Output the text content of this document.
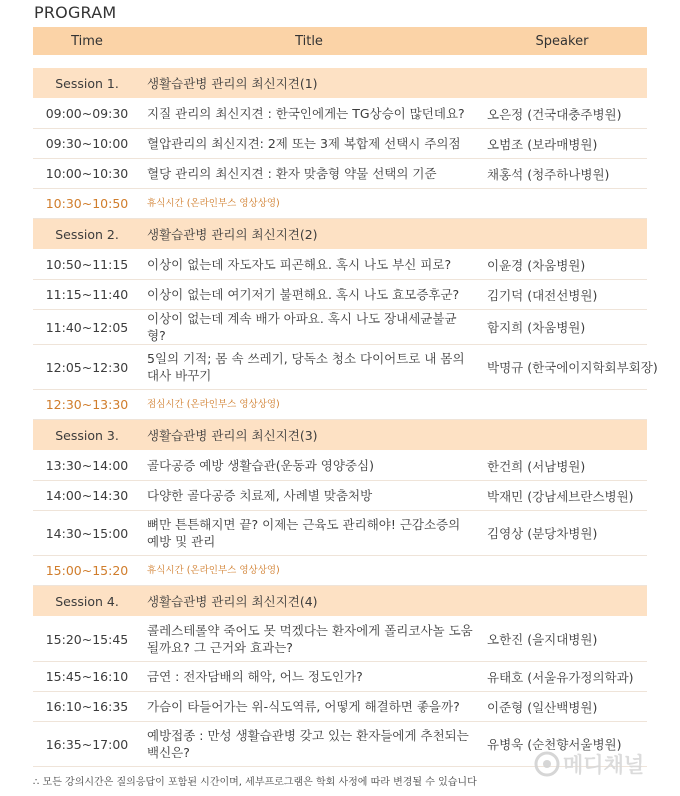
PROGRAM
Time	Title	Speaker

Session 1.	생활습관병 관리의 최신지견(1)	
09:00~09:30	지질 관리의 최신지견 : 한국인에게는 TG상승이 많던데요?	오은정 (건국대충주병원)
09:30~10:00	혈압관리의 최신지견: 2제 또는 3제 복합제 선택시 주의점	오범조 (보라매병원)
10:00~10:30	혈당 관리의 최신지견 : 환자 맞춤형 약물 선택의 기준	채홍석 (청주하나병원)
10:30~10:50	휴식시간 (온라인부스 영상상영)	
Session 2.	생활습관병 관리의 최신지견(2)	
10:50~11:15	이상이 없는데 자도자도 피곤해요. 혹시 나도 부신 피로?	이윤경 (차움병원)
11:15~11:40	이상이 없는데 여기저기 불편해요. 혹시 나도 효모증후군?	김기덕 (대전선병원)
11:40~12:05	이상이 없는데 계속 배가 아파요. 혹시 나도 장내세균불균형?	함지희 (차움병원)
12:05~12:30	5일의 기적; 몸 속 쓰레기, 당독소 청소 다이어트로 내 몸의 대사 바꾸기	박명규 (한국에이지학회부회장)
12:30~13:30	점심시간 (온라인부스 영상상영)	
Session 3.	생활습관병 관리의 최신지견(3)	
13:30~14:00	골다공증 예방 생활습관(운동과 영양중심)	한건희 (서남병원)
14:00~14:30	다양한 골다공증 치료제, 사례별 맞춤처방	박재민 (강남세브란스병원)
14:30~15:00	뼈만 튼튼해지면 끝? 이제는 근육도 관리해야! 근감소증의 예방 및 관리	김영상 (분당차병원)
15:00~15:20	휴식시간 (온라인부스 영상상영)	
Session 4.	생활습관병 관리의 최신지견(4)	
15:20~15:45	콜레스테롤약 죽어도 못 먹겠다는 환자에게 폴리코사놀 도움 될까요? 그 근거와 효과는?	오한진 (을지대병원)
15:45~16:10	금연 : 전자담배의 해악, 어느 정도인가?	유태호 (서울유가정의학과)
16:10~16:35	가슴이 타들어가는 위-식도역류, 어떻게 해결하면 좋을까?	이준형 (일산백병원)
16:35~17:00	예방접종 : 만성 생활습관병 갖고 있는 환자들에게 추천되는 백신은?	유병욱 (순천향서울병원)
∴ 모든 강의시간은 질의응답이 포함된 시간이며, 세부프로그램은 학회 사정에 따라 변경될 수 있습니다
메디채널
